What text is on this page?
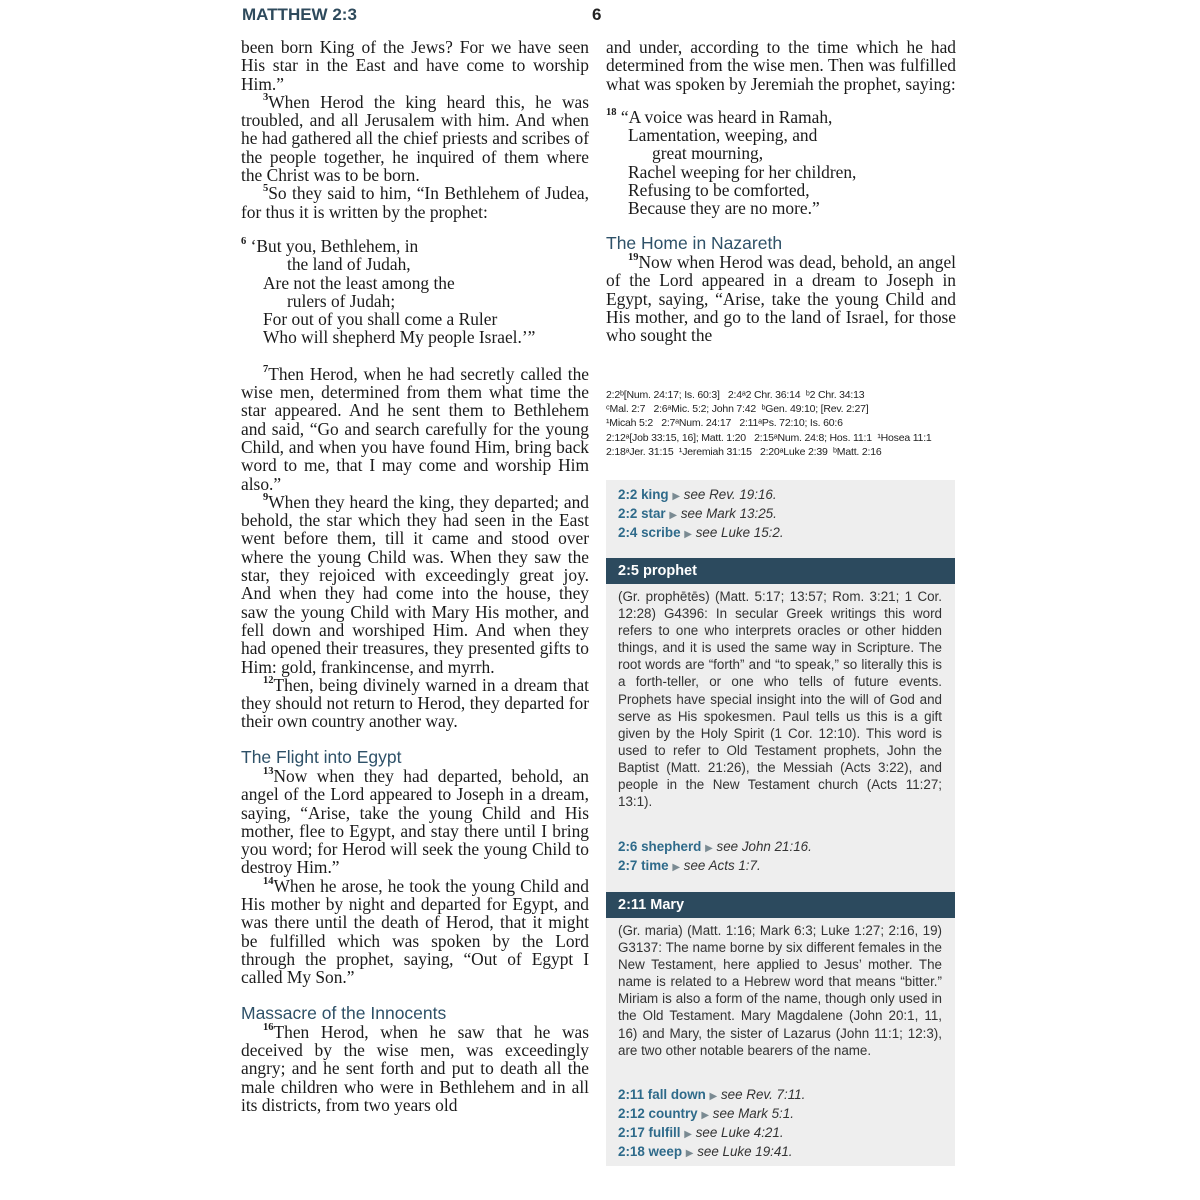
MATTHEW 2:3	6

been born King of the Jews? For we have seen His star in the East and have come to worship Him.”

$^3$When Herod the king heard this, he was troubled, and all Jerusalem with him. And when he had gathered all the chief priests and scribes of the people together, he inquired of them where the Christ was to be born.

$^5$So they said to him, “In Bethlehem of Judea, for thus it is written by the prophet:

$^6$ ‘But you, Bethlehem, in
the land of Judah,
Are not the least among the
rulers of Judah;
For out of you shall come a Ruler
Who will shepherd My people Israel.’”

$^7$Then Herod, when he had secretly called the wise men, determined from them what time the star appeared. And he sent them to Bethlehem and said, “Go and search carefully for the young Child, and when you have found Him, bring back word to me, that I may come and worship Him also.”

$^9$When they heard the king, they departed; and behold, the star which they had seen in the East went before them, till it came and stood over where the young Child was. When they saw the star, they rejoiced with exceedingly great joy. And when they had come into the house, they saw the young Child with Mary His mother, and fell down and worshiped Him. And when they had opened their treasures, they presented gifts to Him: gold, frankincense, and myrrh.

$^{12}$Then, being divinely warned in a dream that they should not return to Herod, they departed for their own country another way.

The Flight into Egypt

$^{13}$Now when they had departed, behold, an angel of the Lord appeared to Joseph in a dream, saying, “Arise, take the young Child and His mother, flee to Egypt, and stay there until I bring you word; for Herod will seek the young Child to destroy Him.”

$^{14}$When he arose, he took the young Child and His mother by night and departed for Egypt, and was there until the death of Herod, that it might be fulfilled which was spoken by the Lord through the prophet, saying, “Out of Egypt I called My Son.”

Massacre of the Innocents

$^{16}$Then Herod, when he saw that he was deceived by the wise men, was exceedingly angry; and he sent forth and put to death all the male children who were in Bethlehem and in all its districts, from two years old

and under, according to the time which he had determined from the wise men. Then was fulfilled what was spoken by Jeremiah the prophet, saying:

$^{18}$ “A voice was heard in Ramah,
Lamentation, weeping, and
great mourning,
Rachel weeping for her children,
Refusing to be comforted,
Because they are no more.”
The Home in Nazareth

$^{19}$Now when Herod was dead, behold, an angel of the Lord appeared in a dream to Joseph in Egypt, saying, “Arise, take the young Child and His mother, and go to the land of Israel, for those who sought the

2:2ᵇ[Num. 24:17; Is. 60:3] 2:4ᵃ2 Chr. 36:14 ᵇ2 Chr. 34:13
ᶜMal. 2:7 2:6ᵃMic. 5:2; John 7:42 ᵇGen. 49:10; [Rev. 2:27]
¹Micah 5:2 2:7ᵃNum. 24:17 2:11ᵃPs. 72:10; Is. 60:6
2:12ᵃ[Job 33:15, 16]; Matt. 1:20 2:15ᵃNum. 24:8; Hos. 11:1 ¹Hosea 11:1   2:18ᵃJer. 31:15 ¹Jeremiah 31:15 2:20ᵃLuke 2:39 ᵇMatt. 2:16
2:2 king ▶ see Rev. 19:16.
2:2 star ▶ see Mark 13:25.
2:4 scribe ▶ see Luke 15:2.
2:5 prophet
(Gr. prophētēs) (Matt. 5:17; 13:57; Rom. 3:21; 1 Cor. 12:28) G4396: In secular Greek writings this word refers to one who interprets oracles or other hidden things, and it is used the same way in Scripture. The root words are “forth” and “to speak,” so literally this is a forth-teller, or one who tells of future events. Prophets have special insight into the will of God and serve as His spokesmen. Paul tells us this is a gift given by the Holy Spirit (1 Cor. 12:10). This word is used to refer to Old Testament prophets, John the Baptist (Matt. 21:26), the Messiah (Acts 3:22), and people in the New Testament church (Acts 11:27; 13:1).
2:6 shepherd ▶ see John 21:16.
2:7 time ▶ see Acts 1:7.
2:11 Mary
(Gr. maria) (Matt. 1:16; Mark 6:3; Luke 1:27; 2:16, 19) G3137: The name borne by six different females in the New Testament, here applied to Jesus’ mother. The name is related to a Hebrew word that means “bitter.” Miriam is also a form of the name, though only used in the Old Testament. Mary Magdalene (John 20:1, 11, 16) and Mary, the sister of Lazarus (John 11:1; 12:3), are two other notable bearers of the name.
2:11 fall down ▶ see Rev. 7:11.
2:12 country ▶ see Mark 5:1.
2:17 fulfill ▶ see Luke 4:21.
2:18 weep ▶ see Luke 19:41.
